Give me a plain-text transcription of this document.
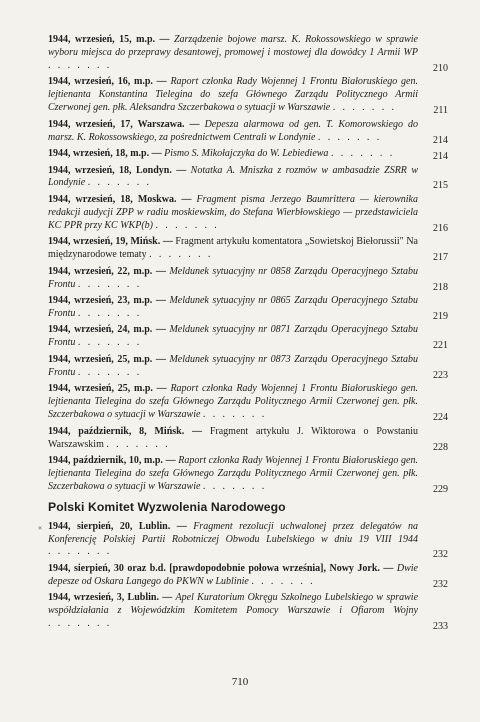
1944, wrzesień, 15, m.p. — Zarządzenie bojowe marsz. K. Rokossowskiego w sprawie wyboru miejsca do przeprawy desantowej, promowej i mostowej dla dowódcy 1 Armii WP . . . . . . .	210
1944, wrzesień, 16, m.p. — Raport członka Rady Wojennej 1 Frontu Białoruskiego gen. lejtienanta Konstantina Tielegina do szefa Głównego Zarządu Politycznego Armii Czerwonej gen. płk. Aleksandra Szczerbakowa o sytuacji w Warszawie . . . . . . .	211
1944, wrzesień, 17, Warszawa. — Depesza alarmowa od gen. T. Komorowskiego do marsz. K. Rokossowskiego, za pośrednictwem Centrali w Londynie . . . . . . .	214
1944, wrzesień, 18, m.p. — Pismo S. Mikołajczyka do W. Lebiediewa . . . . . . .	214
1944, wrzesień, 18, Londyn. — Notatka A. Mniszka z rozmów w ambasadzie ZSRR w Londynie . . . . . . .	215
1944, wrzesień, 18, Moskwa. — Fragment pisma Jerzego Baumrittera — kierownika redakcji audycji ZPP w radiu moskiewskim, do Stefana Wierbłowskiego — przedstawiciela KC PPR przy KC WKP(b) . . . . . . .	216
1944, wrzesień, 19, Mińsk. — Fragment artykułu komentatora „Sowietskoj Biełorussii" Na międzynarodowe tematy . . . . . . .	217
1944, wrzesień, 22, m.p. — Meldunek sytuacyjny nr 0858 Zarządu Operacyjnego Sztabu Frontu . . . . . . .	218
1944, wrzesień, 23, m.p. — Meldunek sytuacyjny nr 0865 Zarządu Operacyjnego Sztabu Frontu . . . . . . .	219
1944, wrzesień, 24, m.p. — Meldunek sytuacyjny nr 0871 Zarządu Operacyjnego Sztabu Frontu . . . . . . .	221
1944, wrzesień, 25, m.p. — Meldunek sytuacyjny nr 0873 Zarządu Operacyjnego Sztabu Frontu . . . . . . .	223
1944, wrzesień, 25, m.p. — Raport członka Rady Wojennej 1 Frontu Białoruskiego gen. lejtienanta Tielegina do szefa Głównego Zarządu Politycznego Armii Czerwonej gen. płk. Szczerbakowa o sytuacji w Warszawie . . . . . . .	224
1944, październik, 8, Mińsk. — Fragment artykułu J. Wiktorowa o Powstaniu Warszawskim . . . . . . .	228
1944, październik, 10, m.p. — Raport członka Rady Wojennej 1 Frontu Białoruskiego gen. lejtienanta Tielegina do szefa Głównego Zarządu Politycznego Armii Czerwonej gen. płk. Szczerbakowa o sytuacji w Warszawie . . . . . . .	229
Polski Komitet Wyzwolenia Narodowego
1944, sierpień, 20, Lublin. — Fragment rezolucji uchwalonej przez delegatów na Konferencję Polskiej Partii Robotniczej Obwodu Lubelskiego w dniu 19 VIII 1944 . . . . . . .	232
1944, sierpień, 30 oraz b.d. [prawdopodobnie połowa września], Nowy Jork. — Dwie depesze od Oskara Langego do PKWN w Lublinie . . . . . . .	232
1944, wrzesień, 3, Lublin. — Apel Kuratorium Okręgu Szkolnego Lubelskiego w sprawie współdziałania z Wojewódzkim Komitetem Pomocy Warszawie i Ofiarom Wojny . . . . . . .	233
«
710
